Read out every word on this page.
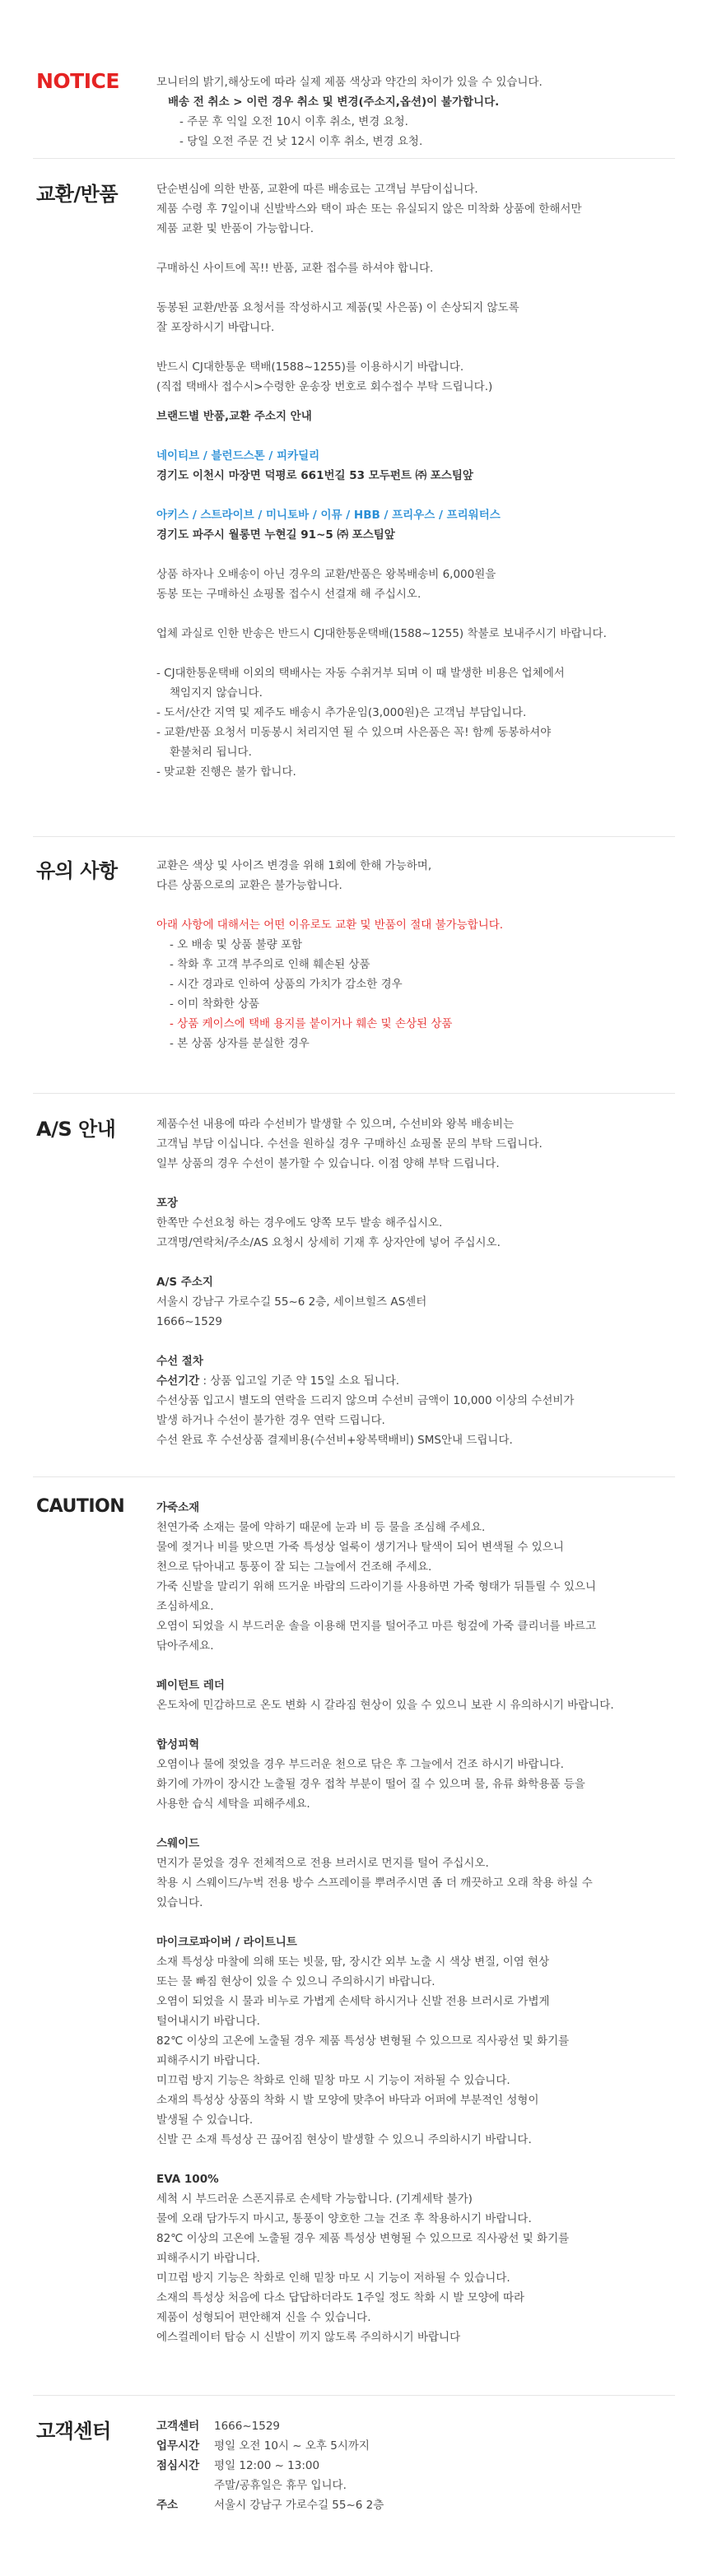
NOTICE	모니터의 밝기,해상도에 따라 실제 제품 색상과 약간의 차이가 있을 수 있습니다.

배송 전 취소 > 이런 경우 취소 및 변경(주소지,옵션)이 불가합니다.

- 주문 후 익일 오전 10시 이후 취소, 변경 요청.

- 당일 오전 주문 건 낮 12시 이후 취소, 변경 요청.

교환/반품	단순변심에 의한 반품, 교환에 따른 배송료는 고객님 부담이십니다.

제품 수령 후 7일이내 신발박스와 택이 파손 또는 유실되지 않은 미착화 상품에 한해서만

제품 교환 및 반품이 가능합니다.

구매하신 사이트에 꼭!! 반품, 교환 접수를 하셔야 합니다.

동봉된 교환/반품 요청서를 작성하시고 제품(및 사은품) 이 손상되지 않도록

잘 포장하시기 바랍니다.

반드시 CJ대한통운 택배(1588~1255)를 이용하시기 바랍니다.

(직접 택배사 접수시>수령한 운송장 번호로 회수접수 부탁 드립니다.)

브랜드별 반품,교환 주소지 안내

네이티브 / 블런드스톤 / 피카딜리

경기도 이천시 마장면 덕평로 661번길 53 모두펀트 ㈜ 포스팀앞

아키스 / 스트라이브 / 미니토바 / 이뮤 / HBB / 프리우스 / 프리워터스

경기도 파주시 월롱면 누현길 91~5 ㈜ 포스팀앞

상품 하자나 오배송이 아닌 경우의 교환/반품은 왕복배송비 6,000원을

동봉 또는 구매하신 쇼핑몰 접수시 선결재 해 주십시오.

업체 과실로 인한 반송은 반드시 CJ대한통운택배(1588~1255) 착불로 보내주시기 바랍니다.

- CJ대한통운택배 이외의 택배사는 자동 수취거부 되며 이 때 발생한 비용은 업체에서

책임지지 않습니다.

- 도서/산간 지역 및 제주도 배송시 추가운임(3,000원)은 고객님 부담입니다.

- 교환/반품 요청서 미동봉시 처리지연 될 수 있으며 사은품은 꼭! 함께 동봉하셔야

환불처리 됩니다.

- 맞교환 진행은 불가 합니다.

유의 사항	교환은 색상 및 사이즈 변경을 위해 1회에 한해 가능하며,

다른 상품으로의 교환은 불가능합니다.

아래 사항에 대해서는 어떤 이유로도 교환 및 반품이 절대 불가능합니다.

- 오 배송 및 상품 불량 포함

- 착화 후 고객 부주의로 인해 훼손된 상품

- 시간 경과로 인하여 상품의 가치가 감소한 경우

- 이미 착화한 상품

- 상품 케이스에 택배 용지를 붙이거나 훼손 및 손상된 상품

- 본 상품 상자를 분실한 경우

A/S 안내	제품수선 내용에 따라 수선비가 발생할 수 있으며, 수선비와 왕복 배송비는

고객님 부담 이십니다. 수선을 원하실 경우 구매하신 쇼핑몰 문의 부탁 드립니다.

일부 상품의 경우 수선이 불가할 수 있습니다. 이점 양해 부탁 드립니다.

포장

한쪽만 수선요청 하는 경우에도 양쪽 모두 발송 해주십시오.

고객명/연락처/주소/AS 요청시 상세히 기재 후 상자안에 넣어 주십시오.

A/S 주소지

서울시 강남구 가로수길 55~6 2층, 세이브힐즈 AS센터

1666~1529

수선 절차

수선기간 : 상품 입고일 기준 약 15일 소요 됩니다.

수선상품 입고시 별도의 연락을 드리지 않으며 수선비 금액이 10,000 이상의 수선비가

발생 하거나 수선이 불가한 경우 연락 드립니다.

수선 완료 후 수선상품 결제비용(수선비+왕복택배비) SMS안내 드립니다.

CAUTION	가죽소재

천연가죽 소재는 물에 약하기 때문에 눈과 비 등 물을 조심해 주세요.

물에 젖거나 비를 맞으면 가죽 특성상 얼룩이 생기거나 탈색이 되어 변색될 수 있으니

천으로 닦아내고 통풍이 잘 되는 그늘에서 건조해 주세요.

가죽 신발을 말리기 위해 뜨거운 바람의 드라이기를 사용하면 가죽 형태가 뒤틀릴 수 있으니

조심하세요.

오염이 되었을 시 부드러운 솔을 이용해 먼지를 털어주고 마른 헝겊에 가죽 클리너를 바르고

닦아주세요.

페이턴트 레더

온도차에 민감하므로 온도 변화 시 갈라짐 현상이 있을 수 있으니 보관 시 유의하시기 바랍니다.

합성피혁

오염이나 물에 젖었을 경우 부드러운 천으로 닦은 후 그늘에서 건조 하시기 바랍니다.

화기에 가까이 장시간 노출될 경우 접착 부분이 떨어 질 수 있으며 물, 유류 화학용품 등을

사용한 습식 세탁을 피해주세요.

스웨이드

먼지가 묻었을 경우 전체적으로 전용 브러시로 먼지를 털어 주십시오.

착용 시 스웨이드/누벅 전용 방수 스프레이를 뿌려주시면 좀 더 깨끗하고 오래 착용 하실 수

있습니다.

마이크로파이버 / 라이트니트

소재 특성상 마찰에 의해 또는 빗물, 땀, 장시간 외부 노출 시 색상 변질, 이염 현상

또는 물 빠짐 현상이 있을 수 있으니 주의하시기 바랍니다.

오염이 되었을 시 물과 비누로 가볍게 손세탁 하시거나 신발 전용 브러시로 가볍게

털어내시기 바랍니다.

82℃ 이상의 고온에 노출될 경우 제품 특성상 변형될 수 있으므로 직사광선 및 화기를

피해주시기 바랍니다.

미끄럼 방지 기능은 착화로 인해 밑창 마모 시 기능이 저하될 수 있습니다.

소재의 특성상 상품의 착화 시 발 모양에 맞추어 바닥과 어퍼에 부분적인 성형이

발생될 수 있습니다.

신발 끈 소재 특성상 끈 끊어짐 현상이 발생할 수 있으니 주의하시기 바랍니다.

EVA 100%

세척 시 부드러운 스폰지류로 손세탁 가능합니다. (기계세탁 불가)

물에 오래 담가두지 마시고, 통풍이 양호한 그늘 건조 후 착용하시기 바랍니다.

82℃ 이상의 고온에 노출될 경우 제품 특성상 변형될 수 있으므로 직사광선 및 화기를

피해주시기 바랍니다.

미끄럼 방지 기능은 착화로 인해 밑창 마모 시 기능이 저하될 수 있습니다.

소재의 특성상 처음에 다소 답답하더라도 1주일 정도 착화 시 발 모양에 따라

제품이 성형되어 편안해져 신을 수 있습니다.

에스컬레이터 탑승 시 신발이 끼지 않도록 주의하시기 바랍니다

고객센터	고객센터	1666~1529
업무시간	평일 오전 10시 ~ 오후 5시까지
점심시간	평일 12:00 ~ 13:00
주말/공휴일은 휴무 입니다.
주소	서울시 강남구 가로수길 55~6 2층
